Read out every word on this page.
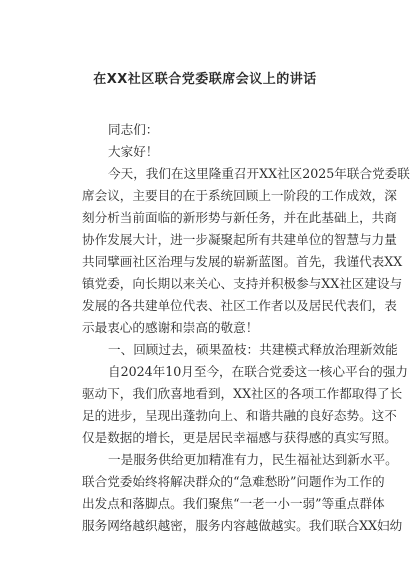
在XX社区联合党委联席会议上的讲话
同志们：
大家好！
今天，我们在这里隆重召开XX社区2025年联合党委联
席会议，主要目的在于系统回顾上一阶段的工作成效，深
刻分析当前面临的新形势与新任务，并在此基础上，共商
协作发展大计，进一步凝聚起所有共建单位的智慧与力量
共同擘画社区治理与发展的崭新蓝图。首先，我谨代表XX
镇党委，向长期以来关心、支持并积极参与XX社区建设与
发展的各共建单位代表、社区工作者以及居民代表们，表
示最衷心的感谢和崇高的敬意！
一、回顾过去，硕果盈枝：共建模式释放治理新效能
自2024年10月至今，在联合党委这一核心平台的强力
驱动下，我们欣喜地看到，XX社区的各项工作都取得了长
足的进步，呈现出蓬勃向上、和谐共融的良好态势。这不
仅是数据的增长，更是居民幸福感与获得感的真实写照。
一是服务供给更加精准有力，民生福祉达到新水平。
联合党委始终将解决群众的“急难愁盼”问题作为工作的
出发点和落脚点。我们聚焦“一老一小一弱”等重点群体
服务网络越织越密，服务内容越做越实。我们联合XX妇幼
